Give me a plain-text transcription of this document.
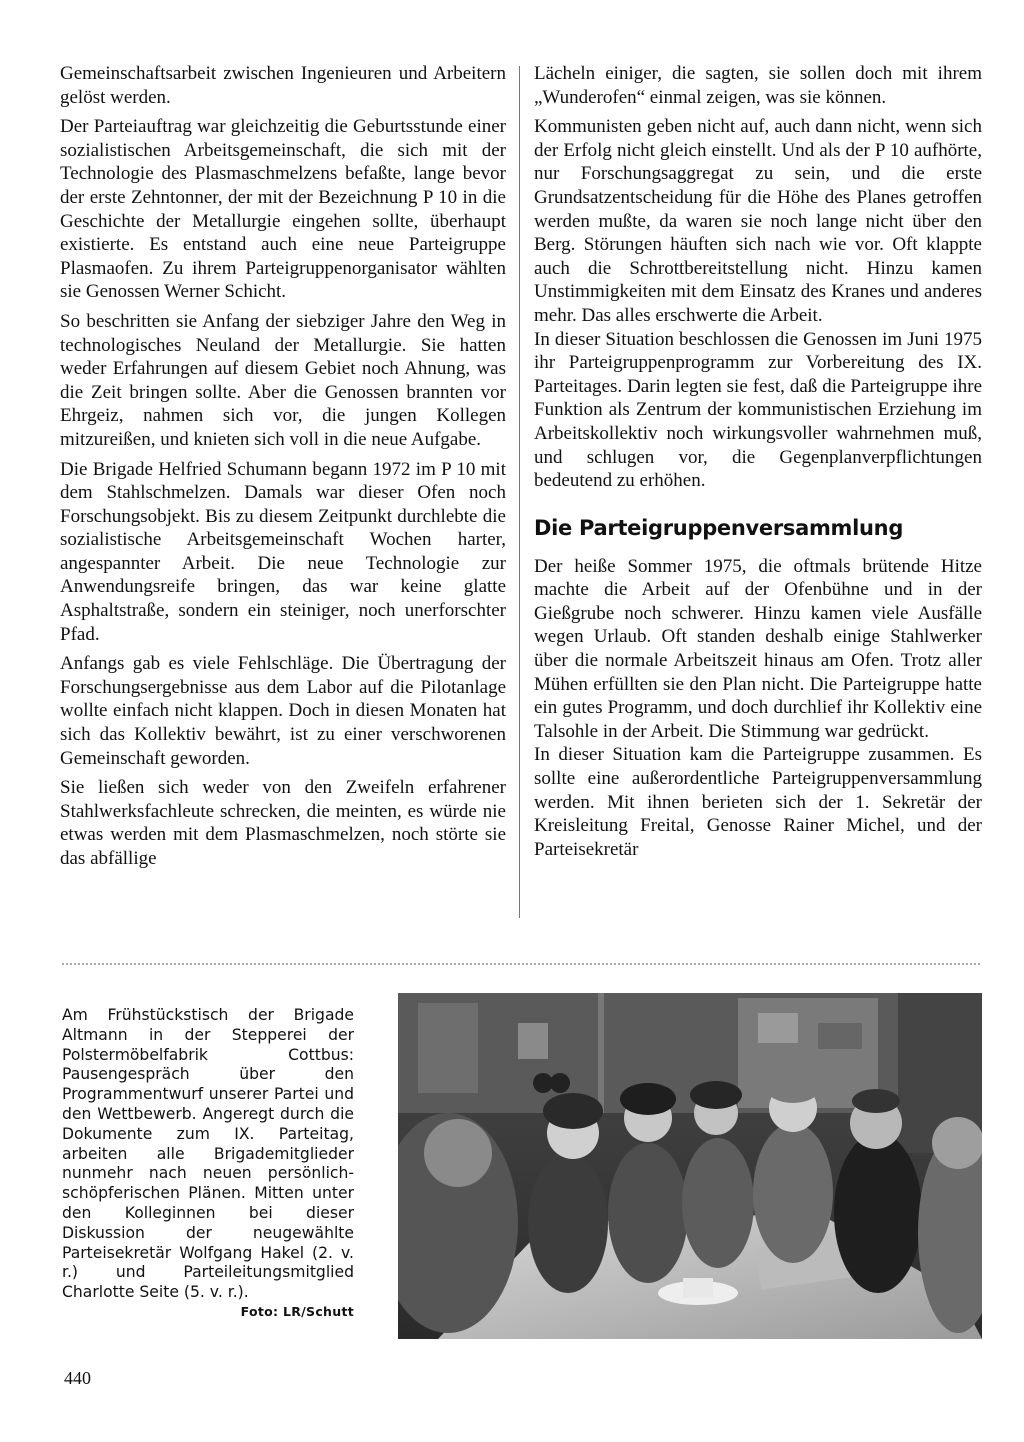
Gemeinschaftsarbeit zwischen Ingenieuren und Arbeitern gelöst werden.

Der Parteiauftrag war gleichzeitig die Geburtsstunde einer sozialistischen Arbeitsgemeinschaft, die sich mit der Technologie des Plasmaschmelzens befaßte, lange bevor der erste Zehntonner, der mit der Bezeichnung P 10 in die Geschichte der Metallurgie eingehen sollte, überhaupt existierte. Es entstand auch eine neue Parteigruppe Plasmaofen. Zu ihrem Parteigruppenorganisator wählten sie Genossen Werner Schicht.

So beschritten sie Anfang der siebziger Jahre den Weg in technologisches Neuland der Metallurgie. Sie hatten weder Erfahrungen auf diesem Gebiet noch Ahnung, was die Zeit bringen sollte. Aber die Genossen brannten vor Ehrgeiz, nahmen sich vor, die jungen Kollegen mitzureißen, und knieten sich voll in die neue Aufgabe.

Die Brigade Helfried Schumann begann 1972 im P 10 mit dem Stahlschmelzen. Damals war dieser Ofen noch Forschungsobjekt. Bis zu diesem Zeitpunkt durchlebte die sozialistische Arbeitsgemeinschaft Wochen harter, angespannter Arbeit. Die neue Technologie zur Anwendungsreife bringen, das war keine glatte Asphaltstraße, sondern ein steiniger, noch unerforschter Pfad.

Anfangs gab es viele Fehlschläge. Die Übertragung der Forschungsergebnisse aus dem Labor auf die Pilotanlage wollte einfach nicht klappen. Doch in diesen Monaten hat sich das Kollektiv bewährt, ist zu einer verschworenen Gemeinschaft geworden.

Sie ließen sich weder von den Zweifeln erfahrener Stahlwerksfachleute schrecken, die meinten, es würde nie etwas werden mit dem Plasmaschmelzen, noch störte sie das abfällige

Lächeln einiger, die sagten, sie sollen doch mit ihrem „Wunderofen“ einmal zeigen, was sie können.

Kommunisten geben nicht auf, auch dann nicht, wenn sich der Erfolg nicht gleich einstellt. Und als der P 10 aufhörte, nur Forschungsaggregat zu sein, und die erste Grundsatzentscheidung für die Höhe des Planes getroffen werden mußte, da waren sie noch lange nicht über den Berg. Störungen häuften sich nach wie vor. Oft klappte auch die Schrottbereitstellung nicht. Hinzu kamen Unstimmigkeiten mit dem Einsatz des Kranes und anderes mehr. Das alles erschwerte die Arbeit.

In dieser Situation beschlossen die Genossen im Juni 1975 ihr Parteigruppenprogramm zur Vorbereitung des IX. Parteitages. Darin legten sie fest, daß die Parteigruppe ihre Funktion als Zentrum der kommunistischen Erziehung im Arbeitskollektiv noch wirkungsvoller wahrnehmen muß, und schlugen vor, die Gegenplanverpflichtungen bedeutend zu erhöhen.

Die Parteigruppenversammlung

Der heiße Sommer 1975, die oftmals brütende Hitze machte die Arbeit auf der Ofenbühne und in der Gießgrube noch schwerer. Hinzu kamen viele Ausfälle wegen Urlaub. Oft standen deshalb einige Stahlwerker über die normale Arbeitszeit hinaus am Ofen. Trotz aller Mühen erfüllten sie den Plan nicht. Die Parteigruppe hatte ein gutes Programm, und doch durchlief ihr Kollektiv eine Talsohle in der Arbeit. Die Stimmung war gedrückt.

In dieser Situation kam die Parteigruppe zusammen. Es sollte eine außerordentliche Parteigruppenversammlung werden. Mit ihnen berieten sich der 1. Sekretär der Kreisleitung Freital, Genosse Rainer Michel, und der Parteisekretär

Am Frühstückstisch der Brigade Altmann in der Stepperei der Polstermöbelfabrik Cottbus: Pausengespräch über den Programmentwurf unserer Partei und den Wettbewerb. Angeregt durch die Dokumente zum IX. Parteitag, arbeiten alle Brigademitglieder nunmehr nach neuen persönlich-schöpferischen Plänen. Mitten unter den Kolleginnen bei dieser Diskussion der neugewählte Parteisekretär Wolfgang Hakel (2. v. r.) und Parteileitungsmitglied Charlotte Seite (5. v. r.).

Foto: LR/Schutt
440
